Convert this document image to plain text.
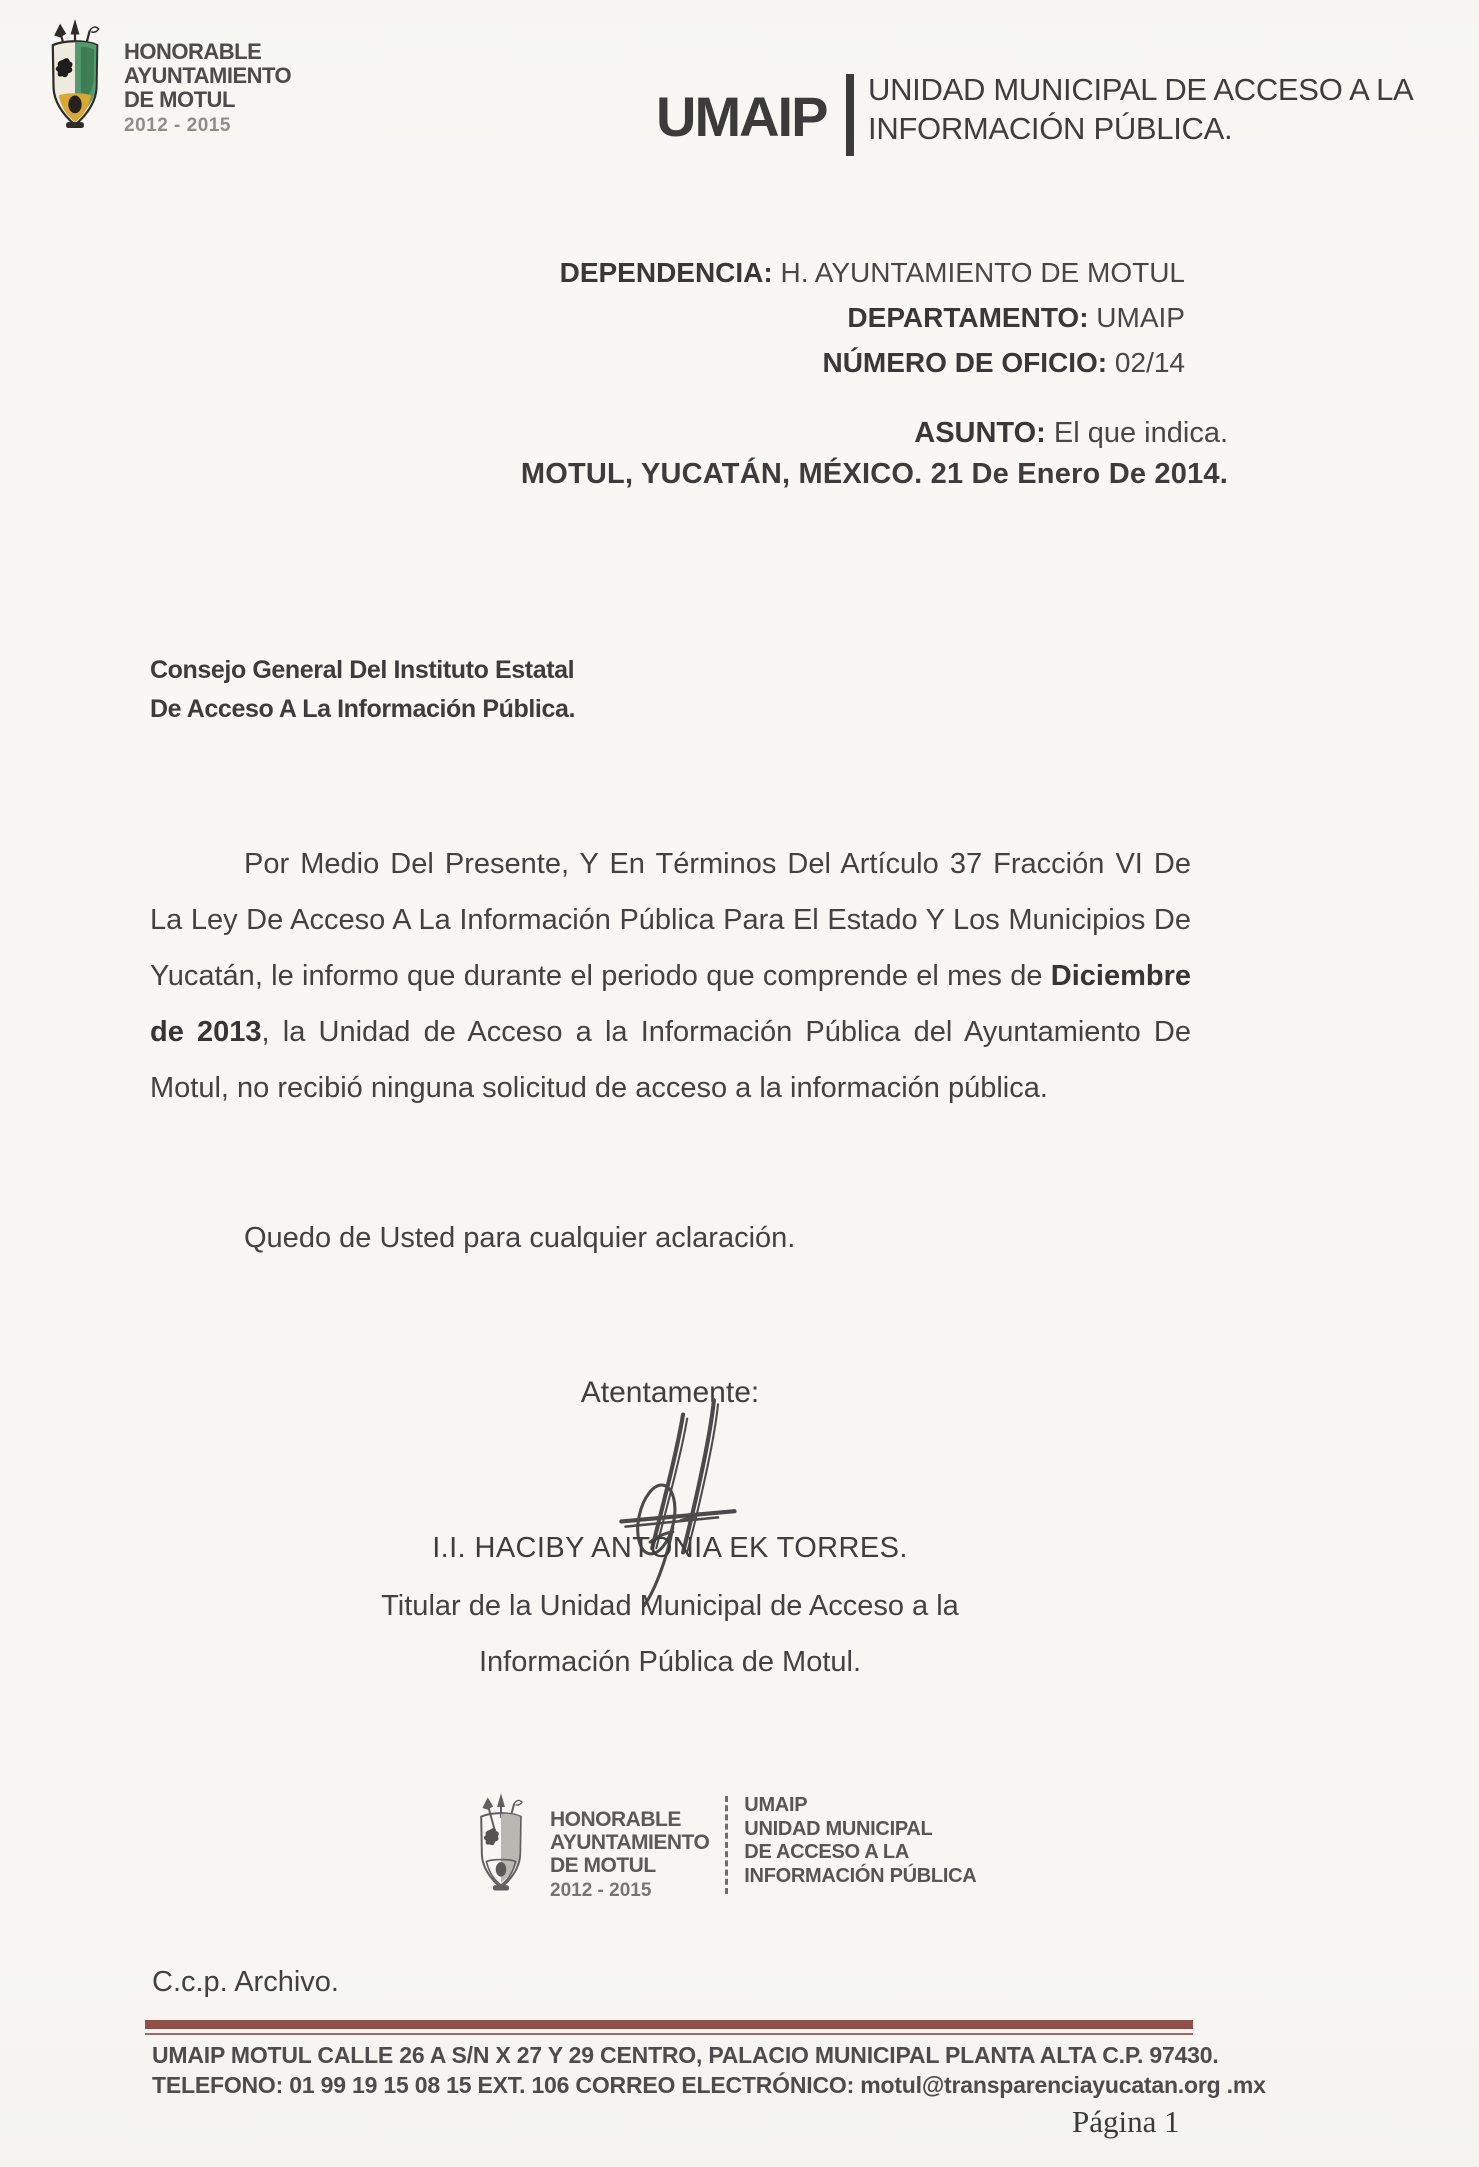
HONORABLE
AYUNTAMIENTO
DE MOTUL
2012 - 2015	UMAIP UNIDAD MUNICIPAL DE ACCESO A LA
INFORMACIÓN PÚBLICA.
DEPENDENCIA: H. AYUNTAMIENTO DE MOTUL
DEPARTAMENTO: UMAIP
NÚMERO DE OFICIO: 02/14
ASUNTO: El que indica.
MOTUL, YUCATÁN, MÉXICO. 21 De Enero De 2014.
Consejo General Del Instituto Estatal
De Acceso A La Información Pública.

Por Medio Del Presente, Y En Términos Del Artículo 37 Fracción VI De La Ley De Acceso A La Información Pública Para El Estado Y Los Municipios De Yucatán, le informo que durante el periodo que comprende el mes de Diciembre de 2013, la Unidad de Acceso a la Información Pública del Ayuntamiento De Motul, no recibió ninguna solicitud de acceso a la información pública.

Quedo de Usted para cualquier aclaración.
Atentamente:
I.I. HACIBY ANTONIA EK TORRES.
Titular de la Unidad Municipal de Acceso a la
Información Pública de Motul.
HONORABLE
AYUNTAMIENTO
DE MOTUL
2012 - 2015
UMAIP
UNIDAD MUNICIPAL
DE ACCESO A LA
INFORMACIÓN PÚBLICA
C.c.p. Archivo.
UMAIP MOTUL CALLE 26 A S/N X 27 Y 29 CENTRO, PALACIO MUNICIPAL PLANTA ALTA C.P. 97430.
TELEFONO: 01 99 19 15 08 15 EXT. 106 CORREO ELECTRÓNICO: motul@transparenciayucatan.org .mx
Página 1
